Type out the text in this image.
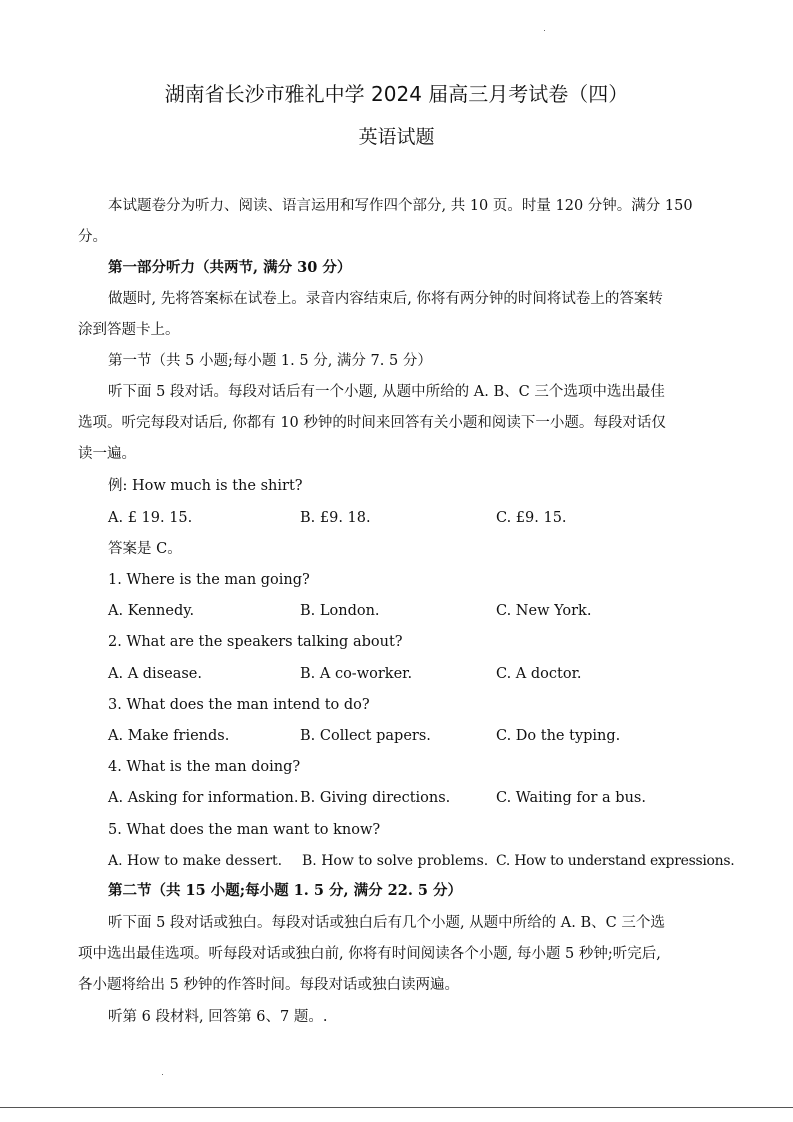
湖南省长沙市雅礼中学 2024 届高三月考试卷（四）
英语试题
本试题卷分为听力、阅读、语言运用和写作四个部分, 共 10 页。时量 120 分钟。满分 150
分。
第一部分听力（共两节, 满分 30 分）
做题时, 先将答案标在试卷上。录音内容结束后, 你将有两分钟的时间将试卷上的答案转
涂到答题卡上。
第一节（共 5 小题;每小题 1. 5 分, 满分 7. 5 分）
听下面 5 段对话。每段对话后有一个小题, 从题中所给的 A. B、C 三个选项中选出最佳
选项。听完每段对话后, 你都有 10 秒钟的时间来回答有关小题和阅读下一小题。每段对话仅
读一遍。
例: How much is the shirt?
A. £ 19. 15.	B. £9. 18.	C. £9. 15.
答案是 C。
1. Where is the man going?
A. Kennedy.	B. London.	C. New York.
2. What are the speakers talking about?
A. A disease.	B. A co-worker.	C. A doctor.
3. What does the man intend to do?
A. Make friends.	B. Collect papers.	C. Do the typing.
4. What is the man doing?
A. Asking for information. B. Giving directions.	C. Waiting for a bus.
5. What does the man want to know?
A. How to make dessert. B. How to solve problems. C. How to understand expressions.
第二节（共 15 小题;每小题 1. 5 分, 满分 22. 5 分）
听下面 5 段对话或独白。每段对话或独白后有几个小题, 从题中所给的 A. B、C 三个选
项中选出最佳选项。听每段对话或独白前, 你将有时间阅读各个小题, 每小题 5 秒钟;听完后,
各小题将给出 5 秒钟的作答时间。每段对话或独白读两遍。
听第 6 段材料, 回答第 6、7 题。.
